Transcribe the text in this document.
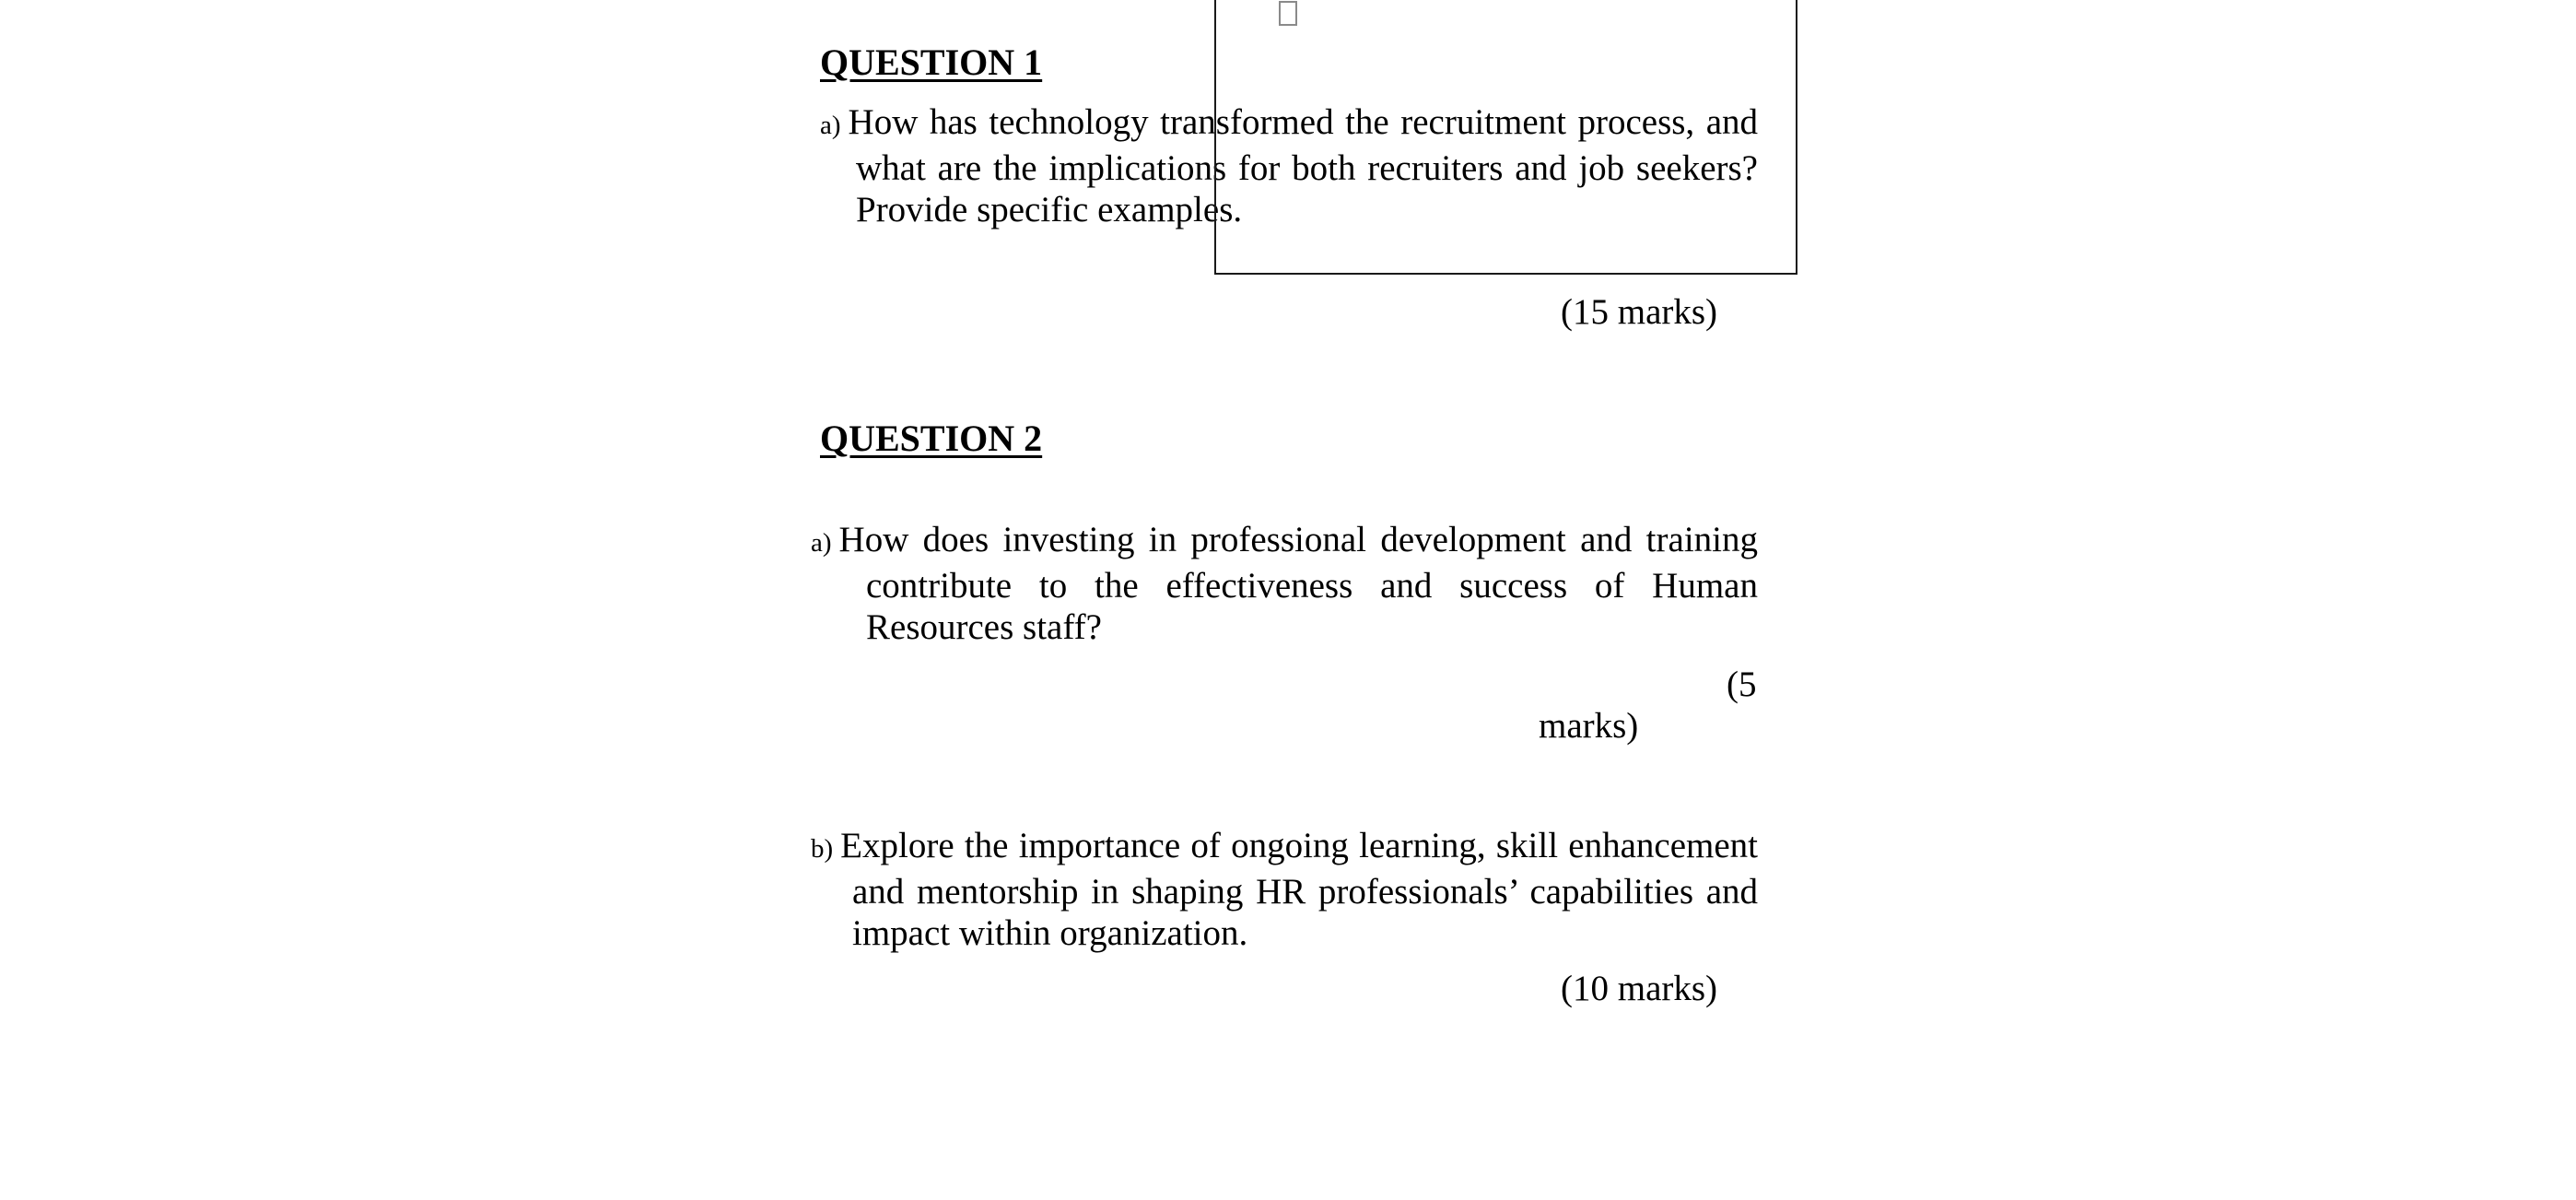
QUESTION 1
a) How has technology transformed the recruitment process, and
what are the implications for both recruiters and job seekers?
Provide specific examples.
(15 marks)
QUESTION 2
a) How does investing in professional development and training
contribute to the effectiveness and success of Human
Resources staff?
(5
marks)
b) Explore the importance of ongoing learning, skill enhancement
and mentorship in shaping HR professionals’ capabilities and
impact within organization.
(10 marks)
